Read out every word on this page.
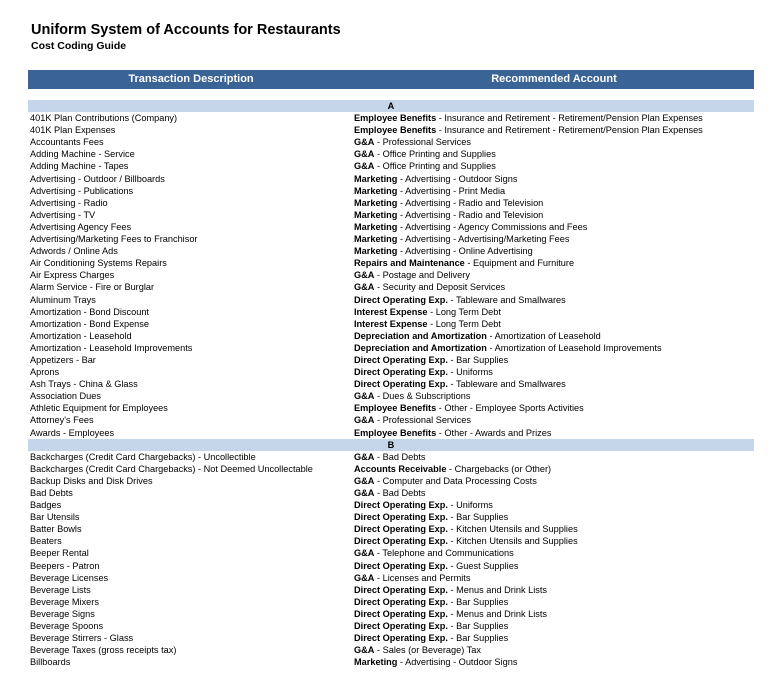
Uniform System of Accounts for Restaurants
Cost Coding Guide
Transaction Description	Recommended Account
A
401K Plan Contributions (Company)	Employee Benefits - Insurance and Retirement - Retirement/Pension Plan Expenses
401K Plan Expenses	Employee Benefits - Insurance and Retirement - Retirement/Pension Plan Expenses
Accountants Fees	G&A - Professional Services
Adding Machine - Service	G&A - Office Printing and Supplies
Adding Machine - Tapes	G&A - Office Printing and Supplies
Advertising - Outdoor / Billboards	Marketing - Advertising - Outdoor Signs
Advertising - Publications	Marketing - Advertising - Print Media
Advertising - Radio	Marketing - Advertising - Radio and Television
Advertising - TV	Marketing - Advertising - Radio and Television
Advertising Agency Fees	Marketing - Advertising - Agency Commissions and Fees
Advertising/Marketing Fees to Franchisor	Marketing - Advertising - Advertising/Marketing Fees
Adwords / Online Ads	Marketing - Advertising - Online Advertising
Air Conditioning Systems Repairs	Repairs and Maintenance - Equipment and Furniture
Air Express Charges	G&A - Postage and Delivery
Alarm Service - Fire or Burglar	G&A - Security and Deposit Services
Aluminum Trays	Direct Operating Exp. - Tableware and Smallwares
Amortization - Bond Discount	Interest Expense - Long Term Debt
Amortization - Bond Expense	Interest Expense - Long Term Debt
Amortization - Leasehold	Depreciation and Amortization - Amortization of Leasehold
Amortization - Leasehold Improvements	Depreciation and Amortization - Amortization of Leasehold Improvements
Appetizers - Bar	Direct Operating Exp. - Bar Supplies
Aprons	Direct Operating Exp. - Uniforms
Ash Trays - China & Glass	Direct Operating Exp. - Tableware and Smallwares
Association Dues	G&A - Dues & Subscriptions
Athletic Equipment for Employees	Employee Benefits - Other - Employee Sports Activities
Attorney's Fees	G&A - Professional Services
Awards - Employees	Employee Benefits - Other - Awards and Prizes
B
Backcharges (Credit Card Chargebacks) - Uncollectible	G&A - Bad Debts
Backcharges (Credit Card Chargebacks) - Not Deemed Uncollectable	Accounts Receivable - Chargebacks (or Other)
Backup Disks and Disk Drives	G&A - Computer and Data Processing Costs
Bad Debts	G&A - Bad Debts
Badges	Direct Operating Exp. - Uniforms
Bar Utensils	Direct Operating Exp. - Bar Supplies
Batter Bowls	Direct Operating Exp. - Kitchen Utensils and Supplies
Beaters	Direct Operating Exp. - Kitchen Utensils and Supplies
Beeper Rental	G&A - Telephone and Communications
Beepers - Patron	Direct Operating Exp. - Guest Supplies
Beverage Licenses	G&A - Licenses and Permits
Beverage Lists	Direct Operating Exp. - Menus and Drink Lists
Beverage Mixers	Direct Operating Exp. - Bar Supplies
Beverage Signs	Direct Operating Exp. - Menus and Drink Lists
Beverage Spoons	Direct Operating Exp. - Bar Supplies
Beverage Stirrers - Glass	Direct Operating Exp. - Bar Supplies
Beverage Taxes (gross receipts tax)	G&A - Sales (or Beverage) Tax
Billboards	Marketing - Advertising - Outdoor Signs
